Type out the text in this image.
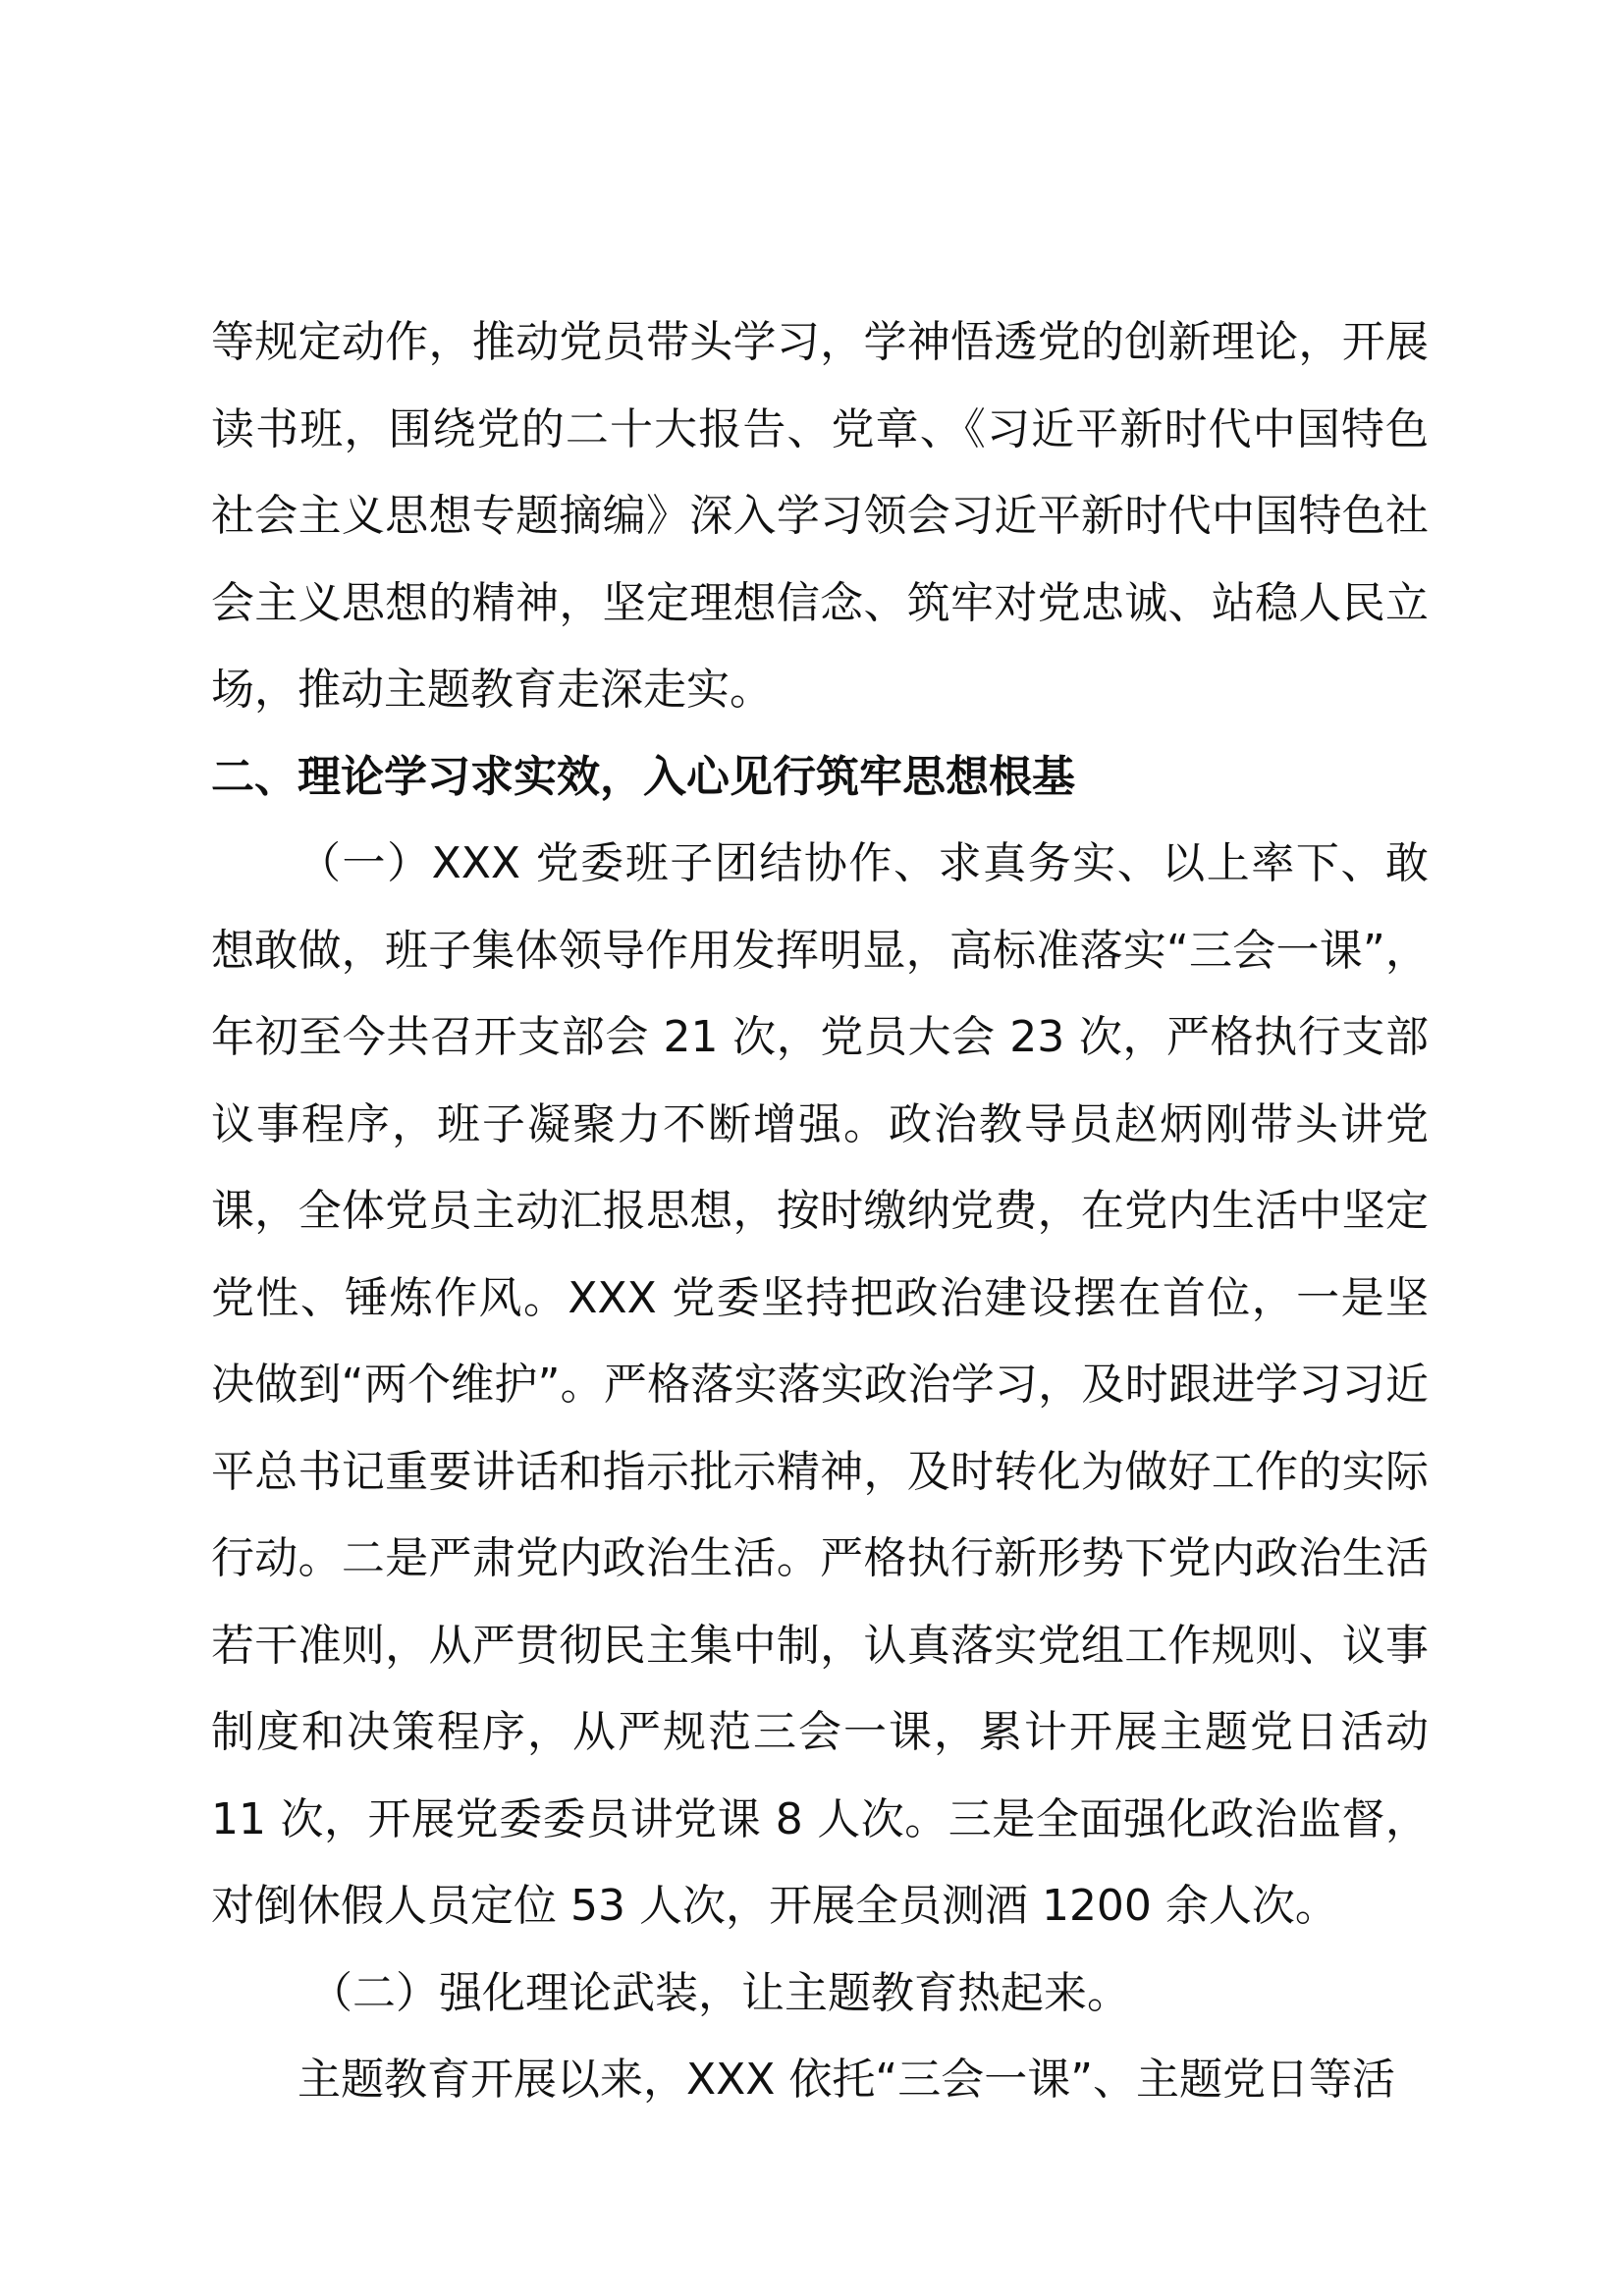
等规定动作，推动党员带头学习，学神悟透党的创新理论，开展读书班，围绕党的二十大报告、党章、《习近平新时代中国特色社会主义思想专题摘编》深入学习领会习近平新时代中国特色社会主义思想的精神，坚定理想信念、筑牢对党忠诚、站稳人民立场，推动主题教育走深走实。

二、理论学习求实效，入心见行筑牢思想根基

（一）XXX 党委班子团结协作、求真务实、以上率下、敢想敢做，班子集体领导作用发挥明显，高标准落实“三会一课”，年初至今共召开支部会 21 次，党员大会 23 次，严格执行支部议事程序，班子凝聚力不断增强。政治教导员赵炳刚带头讲党课，全体党员主动汇报思想，按时缴纳党费，在党内生活中坚定党性、锤炼作风。XXX 党委坚持把政治建设摆在首位，一是坚决做到“两个维护”。严格落实落实政治学习，及时跟进学习习近平总书记重要讲话和指示批示精神，及时转化为做好工作的实际行动。二是严肃党内政治生活。严格执行新形势下党内政治生活若干准则，从严贯彻民主集中制，认真落实党组工作规则、议事制度和决策程序，从严规范三会一课，累计开展主题党日活动 11 次，开展党委委员讲党课 8 人次。三是全面强化政治监督，对倒休假人员定位 53 人次，开展全员测酒 1200 余人次。

（二）强化理论武装，让主题教育热起来。

主题教育开展以来，XXX 依托“三会一课”、主题党日等活
